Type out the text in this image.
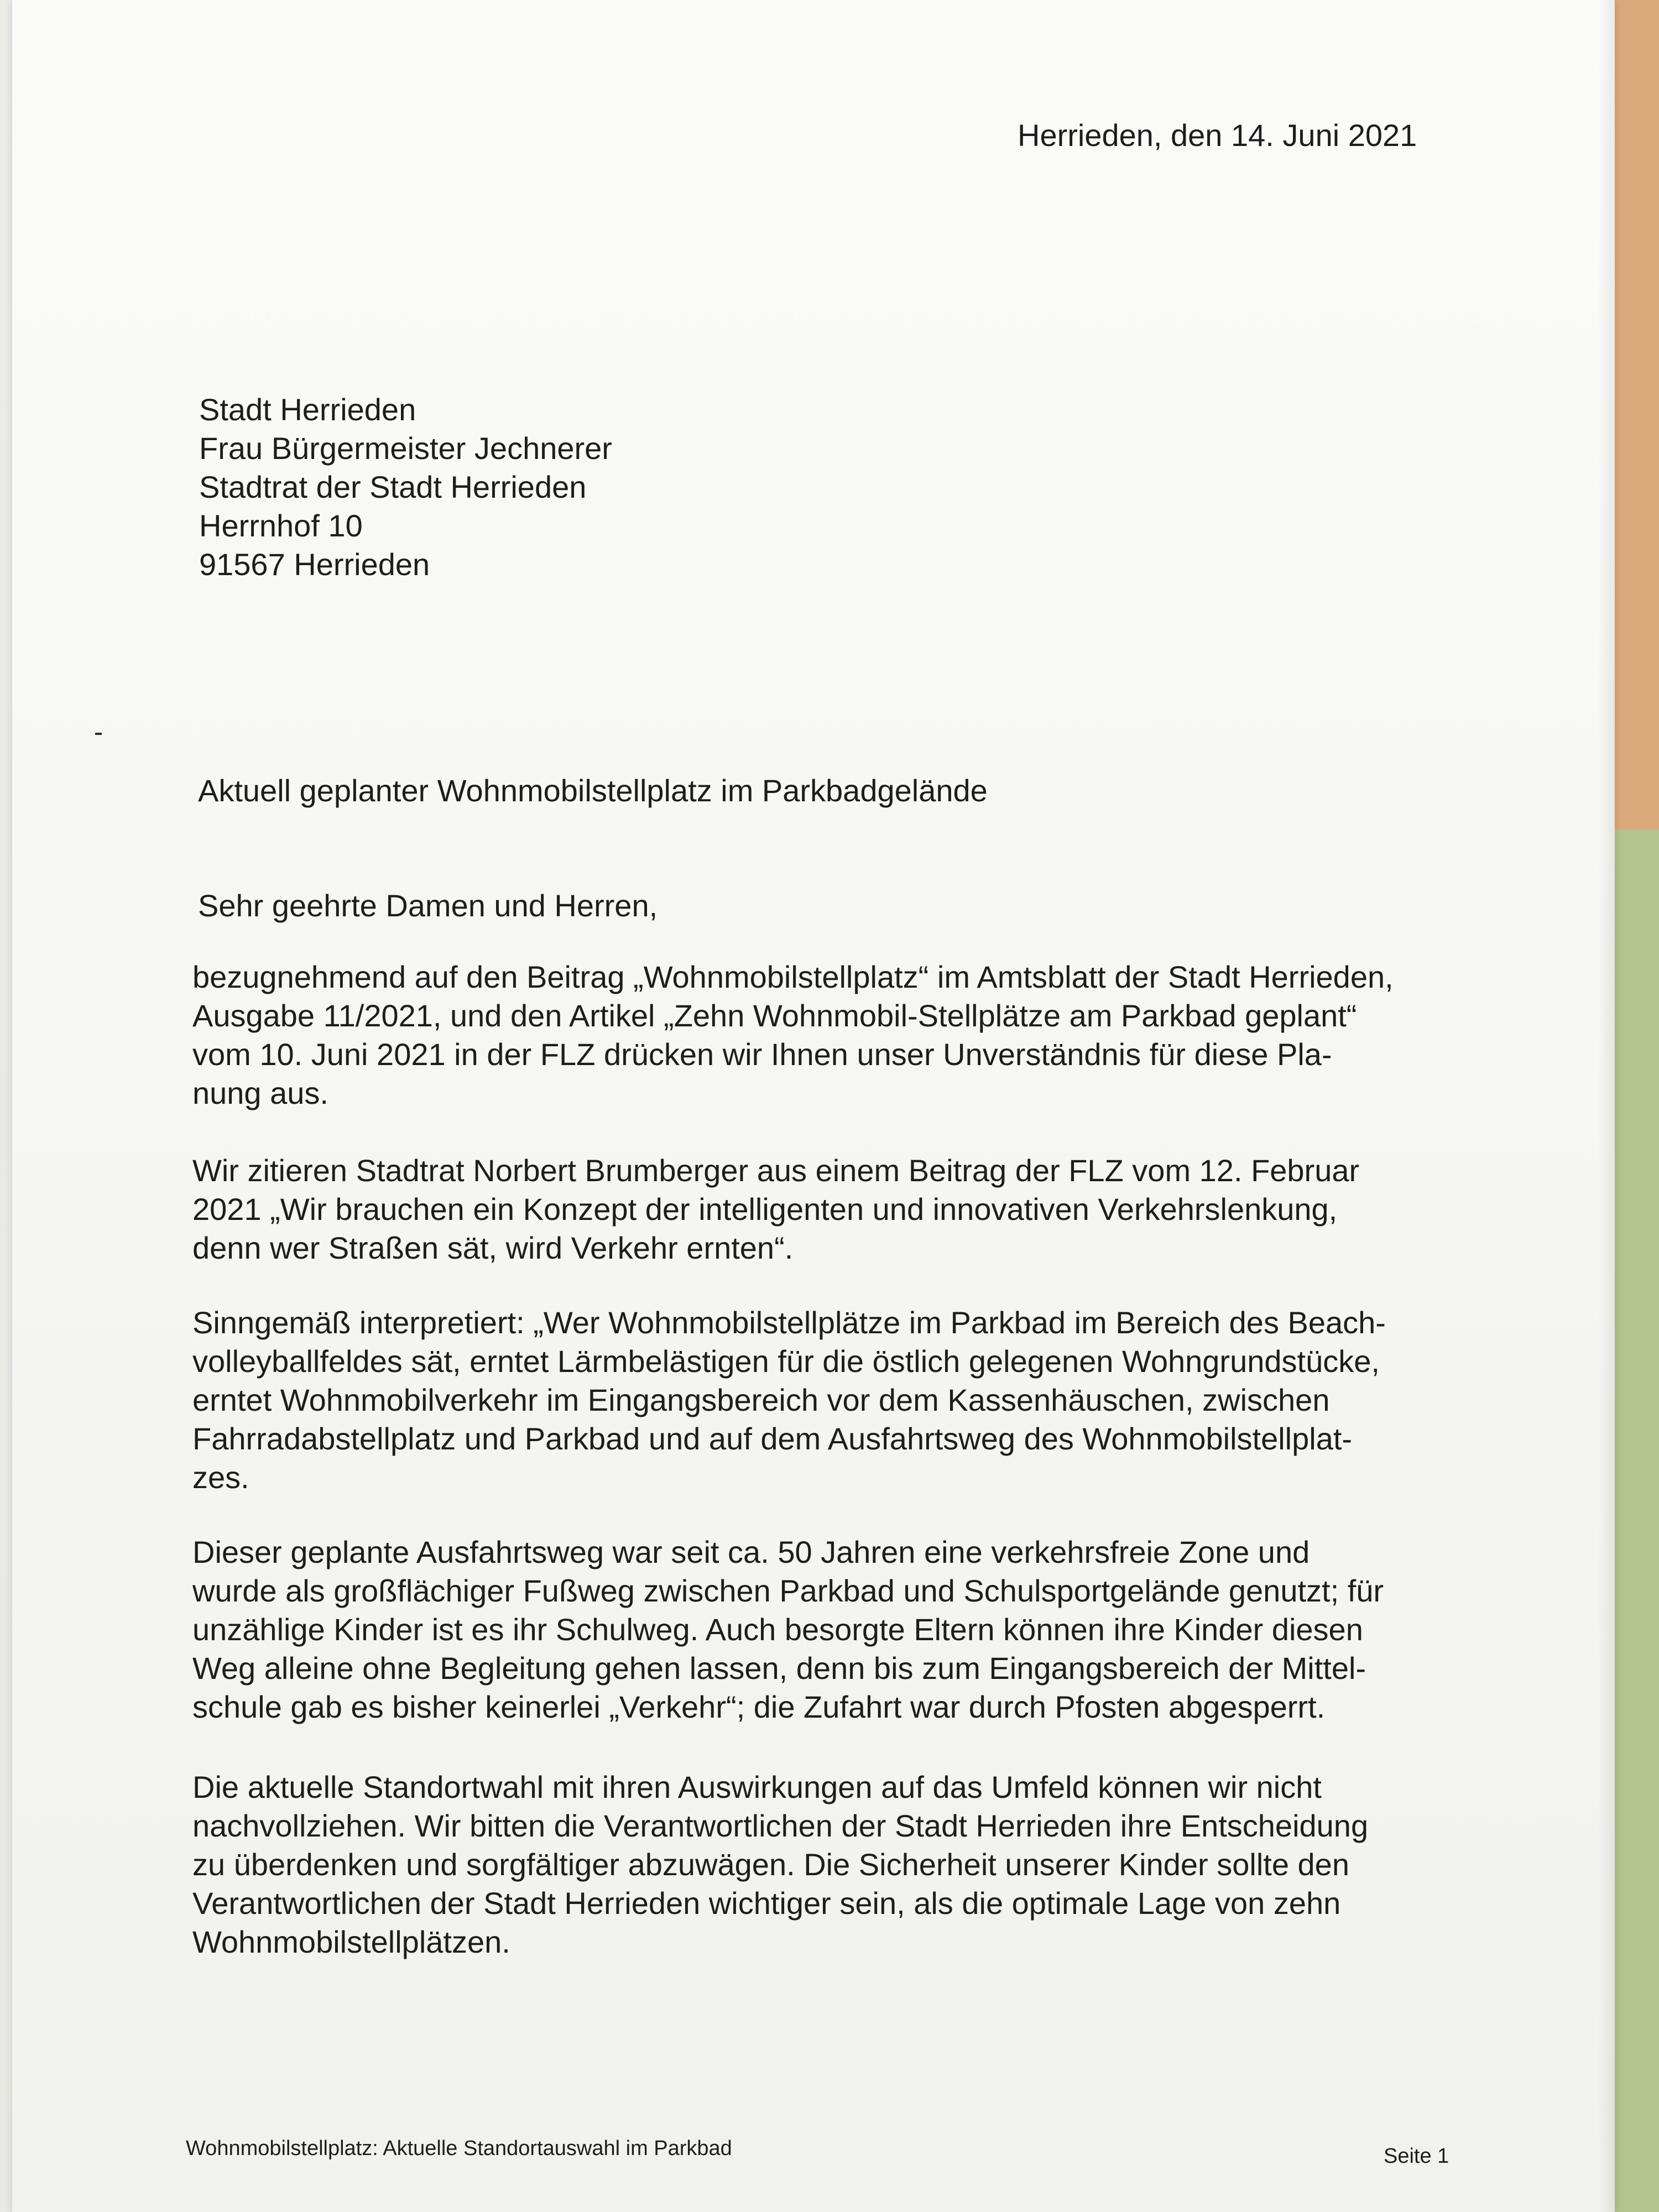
Herrieden, den 14. Juni 2021

Stadt Herrieden
Frau Bürgermeister Jechnerer
Stadtrat der Stadt Herrieden
Herrnhof 10
91567 Herrieden

Aktuell geplanter Wohnmobilstellplatz im Parkbadgelände

Sehr geehrte Damen und Herren,

bezugnehmend auf den Beitrag „Wohnmobilstellplatz“ im Amtsblatt der Stadt Herrieden,
Ausgabe 11/2021, und den Artikel „Zehn Wohnmobil-Stellplätze am Parkbad geplant“
vom 10. Juni 2021 in der FLZ drücken wir Ihnen unser Unverständnis für diese Pla-
nung aus.
Wir zitieren Stadtrat Norbert Brumberger aus einem Beitrag der FLZ vom 12. Februar
2021 „Wir brauchen ein Konzept der intelligenten und innovativen Verkehrslenkung,
denn wer Straßen sät, wird Verkehr ernten“.
Sinngemäß interpretiert: „Wer Wohnmobilstellplätze im Parkbad im Bereich des Beach-
volleyballfeldes sät, erntet Lärmbelästigen für die östlich gelegenen Wohngrundstücke,
erntet Wohnmobilverkehr im Eingangsbereich vor dem Kassenhäuschen, zwischen
Fahrradabstellplatz und Parkbad und auf dem Ausfahrtsweg des Wohnmobilstellplat-
zes.
Dieser geplante Ausfahrtsweg war seit ca. 50 Jahren eine verkehrsfreie Zone und
wurde als großflächiger Fußweg zwischen Parkbad und Schulsportgelände genutzt; für
unzählige Kinder ist es ihr Schulweg. Auch besorgte Eltern können ihre Kinder diesen
Weg alleine ohne Begleitung gehen lassen, denn bis zum Eingangsbereich der Mittel-
schule gab es bisher keinerlei „Verkehr“; die Zufahrt war durch Pfosten abgesperrt.
Die aktuelle Standortwahl mit ihren Auswirkungen auf das Umfeld können wir nicht
nachvollziehen. Wir bitten die Verantwortlichen der Stadt Herrieden ihre Entscheidung
zu überdenken und sorgfältiger abzuwägen. Die Sicherheit unserer Kinder sollte den
Verantwortlichen der Stadt Herrieden wichtiger sein, als die optimale Lage von zehn
Wohnmobilstellplätzen.
Wohnmobilstellplatz: Aktuelle Standortauswahl im Parkbad	Seite 1
